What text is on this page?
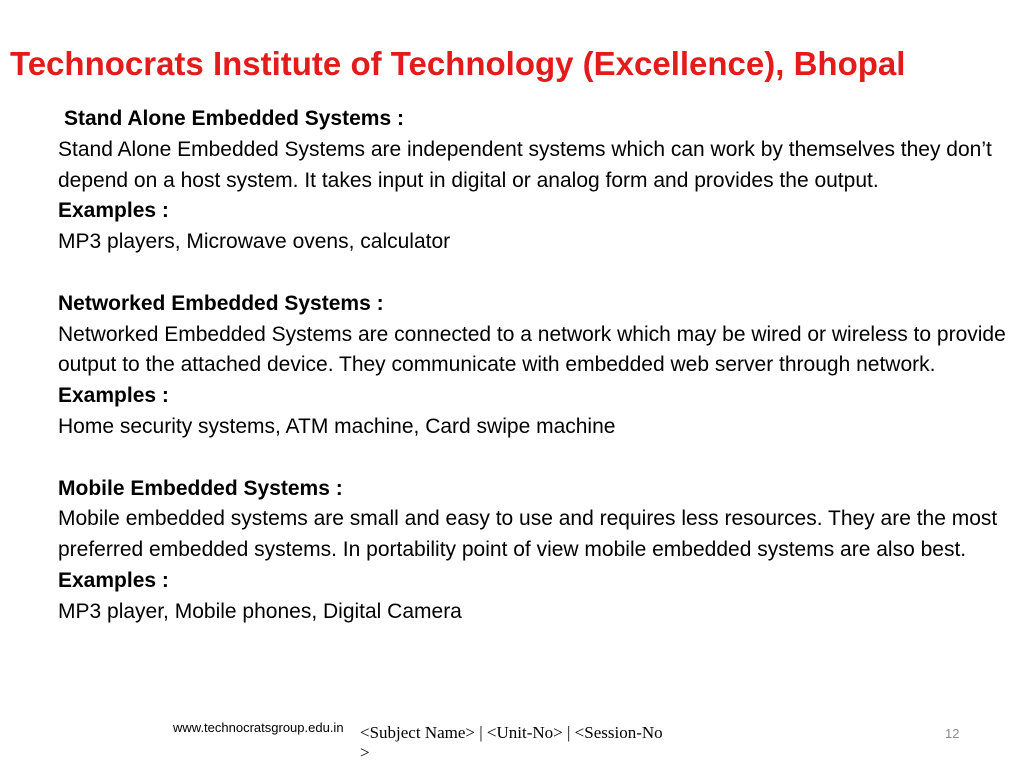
Technocrats Institute of Technology (Excellence), Bhopal

Stand Alone Embedded Systems :

Stand Alone Embedded Systems are independent systems which can work by themselves they don’t depend on a host system. It takes input in digital or analog form and provides the output.

Examples :

MP3 players, Microwave ovens, calculator

Networked Embedded Systems :

Networked Embedded Systems are connected to a network which may be wired or wireless to provide output to the attached device. They communicate with embedded web server through network.

Examples :

Home security systems, ATM machine, Card swipe machine

Mobile Embedded Systems :

Mobile embedded systems are small and easy to use and requires less resources. They are the most preferred embedded systems. In portability point of view mobile embedded systems are also best.

Examples :

MP3 player, Mobile phones, Digital Camera

www.technocratsgroup.edu.in <Subject Name> | <Unit-No> | <Session-No>
12
